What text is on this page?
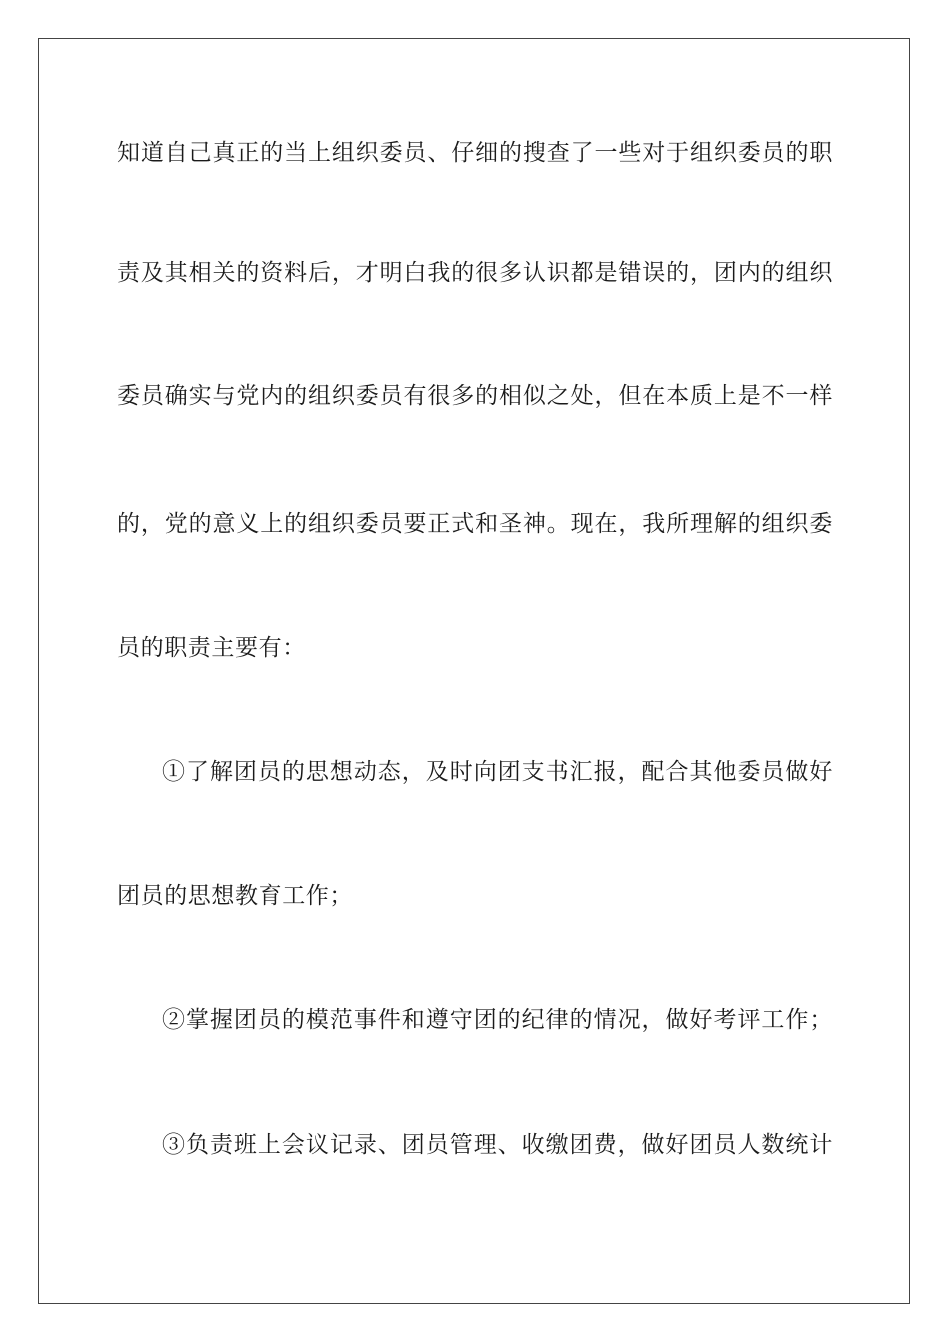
知道自己真正的当上组织委员、仔细的搜查了一些对于组织委员的职
责及其相关的资料后，才明白我的很多认识都是错误的，团内的组织
委员确实与党内的组织委员有很多的相似之处，但在本质上是不一样
的，党的意义上的组织委员要正式和圣神。现在，我所理解的组织委
员的职责主要有：
①了解团员的思想动态，及时向团支书汇报，配合其他委员做好
团员的思想教育工作；
②掌握团员的模范事件和遵守团的纪律的情况，做好考评工作；
③负责班上会议记录、团员管理、收缴团费，做好团员人数统计
